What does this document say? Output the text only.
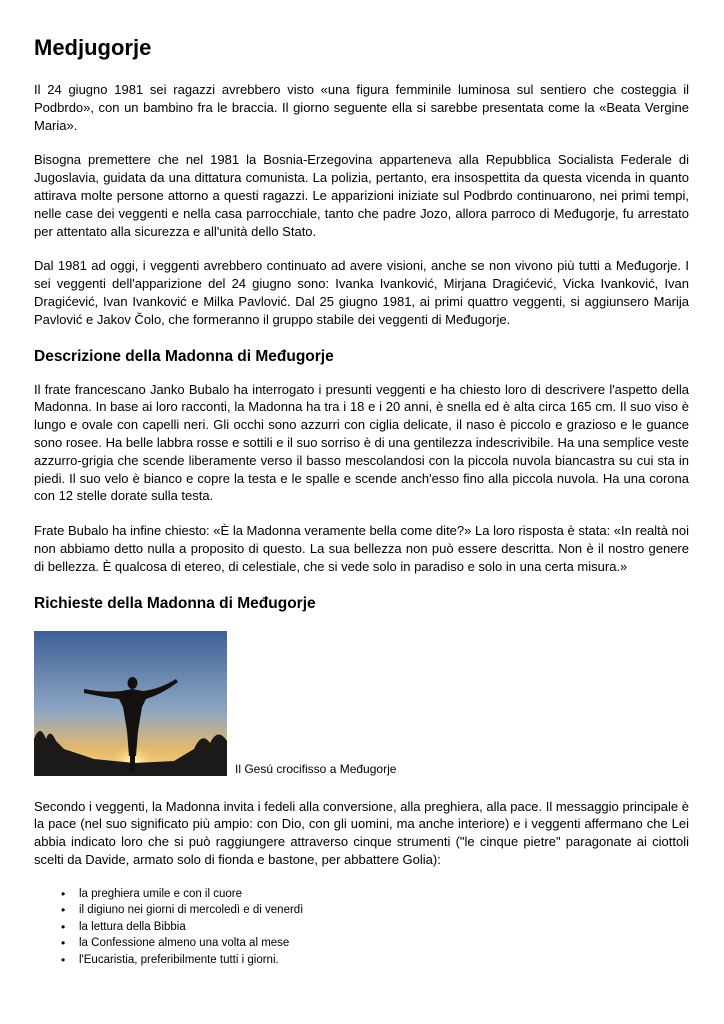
Medjugorje

Il 24 giugno 1981 sei ragazzi avrebbero visto «una figura femminile luminosa sul sentiero che costeggia il Podbrdo», con un bambino fra le braccia. Il giorno seguente ella si sarebbe presentata come la «Beata Vergine Maria».

Bisogna premettere che nel 1981 la Bosnia-Erzegovina apparteneva alla Repubblica Socialista Federale di Jugoslavia, guidata da una dittatura comunista. La polizia, pertanto, era insospettita da questa vicenda in quanto attirava molte persone attorno a questi ragazzi. Le apparizioni iniziate sul Podbrdo continuarono, nei primi tempi, nelle case dei veggenti e nella casa parrocchiale, tanto che padre Jozo, allora parroco di Međugorje, fu arrestato per attentato alla sicurezza e all'unità dello Stato.

Dal 1981 ad oggi, i veggenti avrebbero continuato ad avere visioni, anche se non vivono più tutti a Međugorje. I sei veggenti dell'apparizione del 24 giugno sono: Ivanka Ivanković, Mirjana Dragićević, Vicka Ivanković, Ivan Dragićević, Ivan Ivanković e Milka Pavlović. Dal 25 giugno 1981, ai primi quattro veggenti, si aggiunsero Marija Pavlović e Jakov Čolo, che formeranno il gruppo stabile dei veggenti di Međugorje.

Descrizione della Madonna di Međugorje

Il frate francescano Janko Bubalo ha interrogato i presunti veggenti e ha chiesto loro di descrivere l'aspetto della Madonna. In base ai loro racconti, la Madonna ha tra i 18 e i 20 anni, è snella ed è alta circa 165 cm. Il suo viso è lungo e ovale con capelli neri. Gli occhi sono azzurri con ciglia delicate, il naso è piccolo e grazioso e le guance sono rosee. Ha belle labbra rosse e sottili e il suo sorriso è di una gentilezza indescrivibile. Ha una semplice veste azzurro-grigia che scende liberamente verso il basso mescolandosi con la piccola nuvola biancastra su cui sta in piedi. Il suo velo è bianco e copre la testa e le spalle e scende anch'esso fino alla piccola nuvola. Ha una corona con 12 stelle dorate sulla testa.

Frate Bubalo ha infine chiesto: «È la Madonna veramente bella come dite?» La loro risposta è stata: «In realtà noi non abbiamo detto nulla a proposito di questo. La sua bellezza non può essere descritta. Non è il nostro genere di bellezza. È qualcosa di etereo, di celestiale, che si vede solo in paradiso e solo in una certa misura.»

Richieste della Madonna di Međugorje
Il Gesú crocifisso a Međugorje

Secondo i veggenti, la Madonna invita i fedeli alla conversione, alla preghiera, alla pace. Il messaggio principale è la pace (nel suo significato più ampio: con Dio, con gli uomini, ma anche interiore) e i veggenti affermano che Lei abbia indicato loro che si può raggiungere attraverso cinque strumenti ("le cinque pietre" paragonate ai ciottoli scelti da Davide, armato solo di fionda e bastone, per abbattere Golia):

• la preghiera umile e con il cuore
• il digiuno nei giorni di mercoledì e di venerdì
• la lettura della Bibbia
• la Confessione almeno una volta al mese
• l'Eucaristia, preferibilmente tutti i giorni.
